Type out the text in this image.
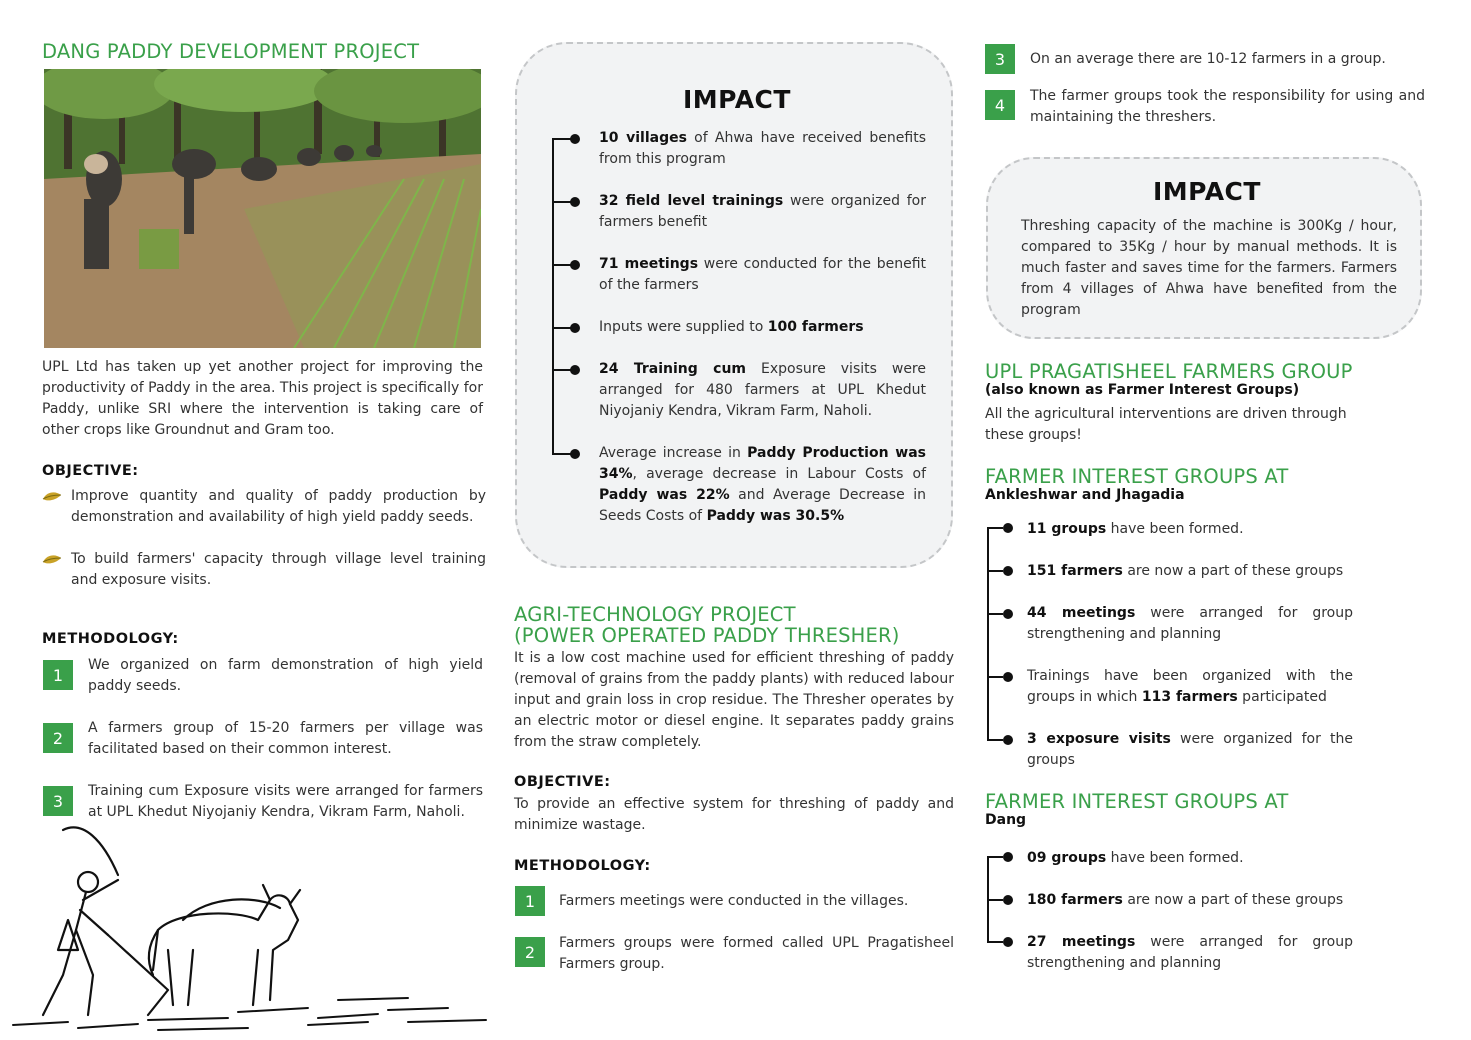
DANG PADDY DEVELOPMENT PROJECT
UPL Ltd has taken up yet another project for improving the productivity of Paddy in the area. This project is specifically for Paddy, unlike SRI where the intervention is taking care of other crops like Groundnut and Gram too.
OBJECTIVE:
Improve quantity and quality of paddy production by demonstration and availability of high yield paddy seeds.
To build farmers' capacity through village level training and exposure visits.
METHODOLOGY:
1
We organized on farm demonstration of high yield paddy seeds.
2
A farmers group of 15-20 farmers per village was facilitated based on their common interest.
3
Training cum Exposure visits were arranged for farmers at UPL Khedut Niyojaniy Kendra, Vikram Farm, Naholi.
IMPACT
10 villages of Ahwa have received benefits from this program
32 field level trainings were organized for farmers benefit
71 meetings were conducted for the benefit of the farmers
Inputs were supplied to 100 farmers
24 Training cum Exposure visits were arranged for 480 farmers at UPL Khedut Niyojaniy Kendra, Vikram Farm, Naholi.
Average increase in Paddy Production was 34%, average decrease in Labour Costs of Paddy was 22% and Average Decrease in Seeds Costs of Paddy was 30.5%
AGRI-TECHNOLOGY PROJECT
(POWER OPERATED PADDY THRESHER)
It is a low cost machine used for efficient threshing of paddy (removal of grains from the paddy plants) with reduced labour input and grain loss in crop residue. The Thresher operates by an electric motor or diesel engine. It separates paddy grains from the straw completely.
OBJECTIVE:
To provide an effective system for threshing of paddy and minimize wastage.
METHODOLOGY:
1	Farmers meetings were conducted in the villages.
2	Farmers groups were formed called UPL Pragatisheel Farmers group.
3	On an average there are 10-12 farmers in a group.
4	The farmer groups took the responsibility for using and maintaining the threshers.
IMPACT
Threshing capacity of the machine is 300Kg / hour, compared to 35Kg / hour by manual methods. It is much faster and saves time for the farmers. Farmers from 4 villages of Ahwa have benefited from the program
UPL PRAGATISHEEL FARMERS GROUP
(also known as Farmer Interest Groups)
All the agricultural interventions are driven through these groups!
FARMER INTEREST GROUPS AT
Ankleshwar and Jhagadia
11 groups have been formed.
151 farmers are now a part of these groups
44 meetings were arranged for group strengthening and planning
Trainings have been organized with the groups in which 113 farmers participated
3 exposure visits were organized for the groups
FARMER INTEREST GROUPS AT
Dang
09 groups have been formed.
180 farmers are now a part of these groups
27 meetings were arranged for group strengthening and planning
